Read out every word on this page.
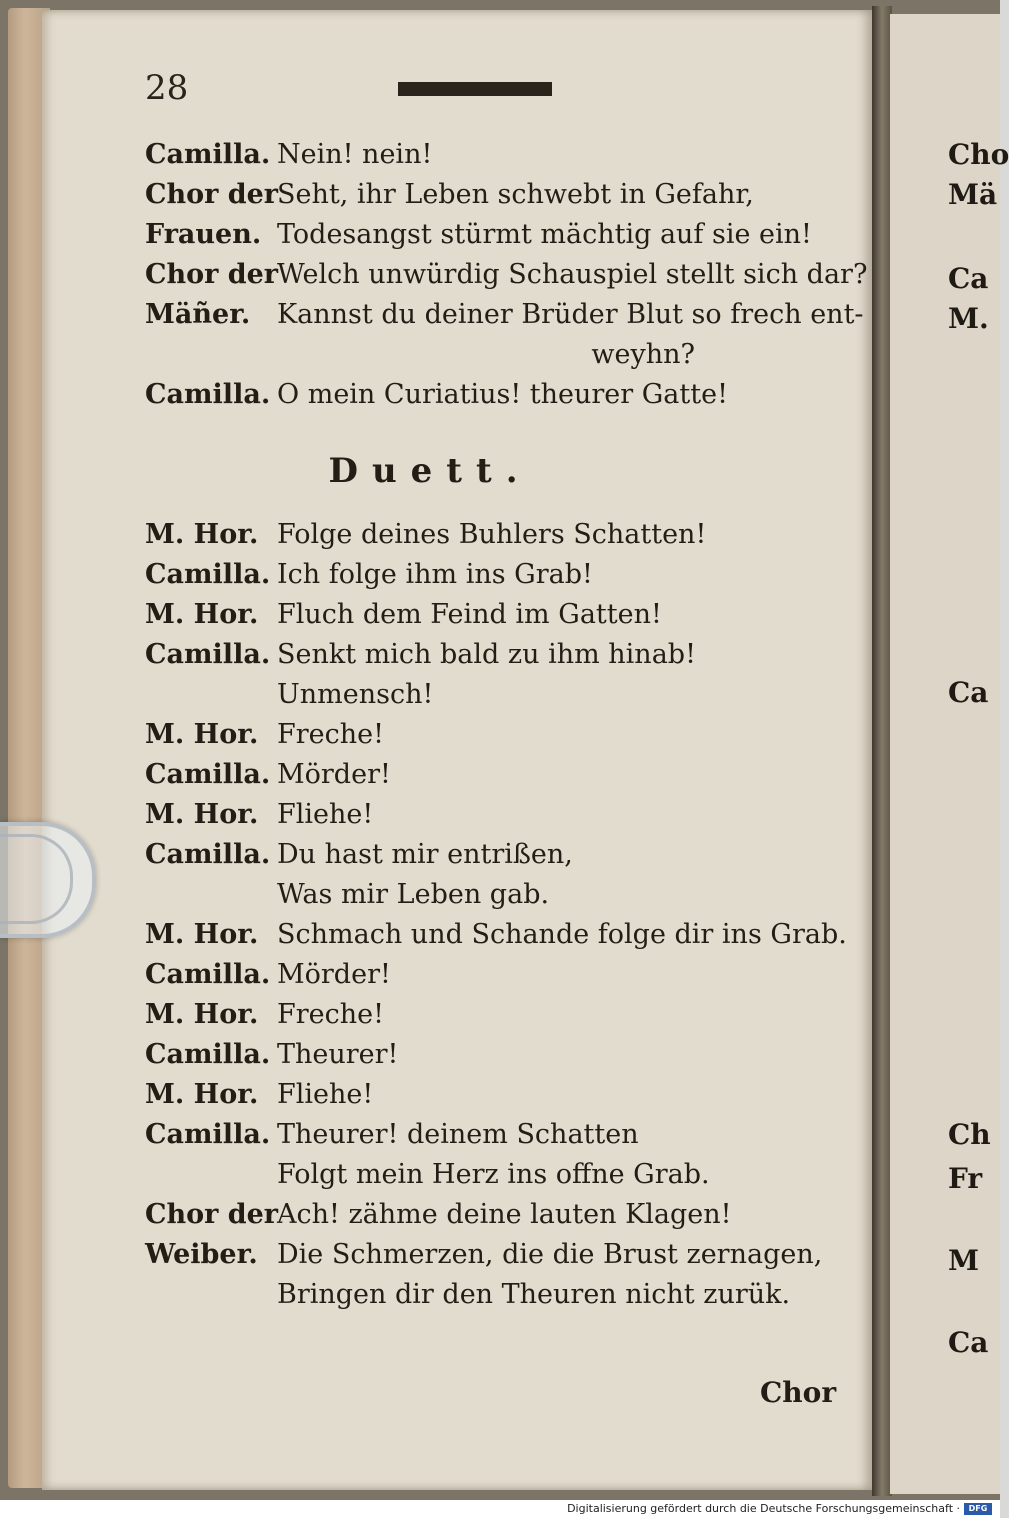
Cho
Mä
Ca
M.
Ca
Ch
Fr
M
Ca
28
Camilla. Nein! nein!
Chor der
Seht, ihr Leben schwebt in Gefahr,
Frauen. Todesangst stürmt mächtig auf sie ein!
Chor der
Welch unwürdig Schauspiel stellt sich dar?
Mäñer. Kannst du deiner Brüder Blut so frech ent-
weyhn?
Camilla. O mein Curiatius! theurer Gatte!
Duett.
M. Hor. Folge deines Buhlers Schatten!
Camilla. Ich folge ihm ins Grab!
M. Hor. Fluch dem Feind im Gatten!
Camilla. Senkt mich bald zu ihm hinab!
Unmensch!
M. Hor. Freche!
Camilla. Mörder!
M. Hor. Fliehe!
Camilla. Du hast mir entrißen,
Was mir Leben gab.
M. Hor. Schmach und Schande folge dir ins Grab.
Camilla. Mörder!
M. Hor. Freche!
Camilla. Theurer!
M. Hor. Fliehe!
Camilla. Theurer! deinem Schatten
Folgt mein Herz ins offne Grab.
Chor der
Ach! zähme deine lauten Klagen!
Weiber. Die Schmerzen, die die Brust zernagen,
Bringen dir den Theuren nicht zurük.
Chor
Digitalisierung gefördert durch die Deutsche Forschungsgemeinschaft ·	DFG
